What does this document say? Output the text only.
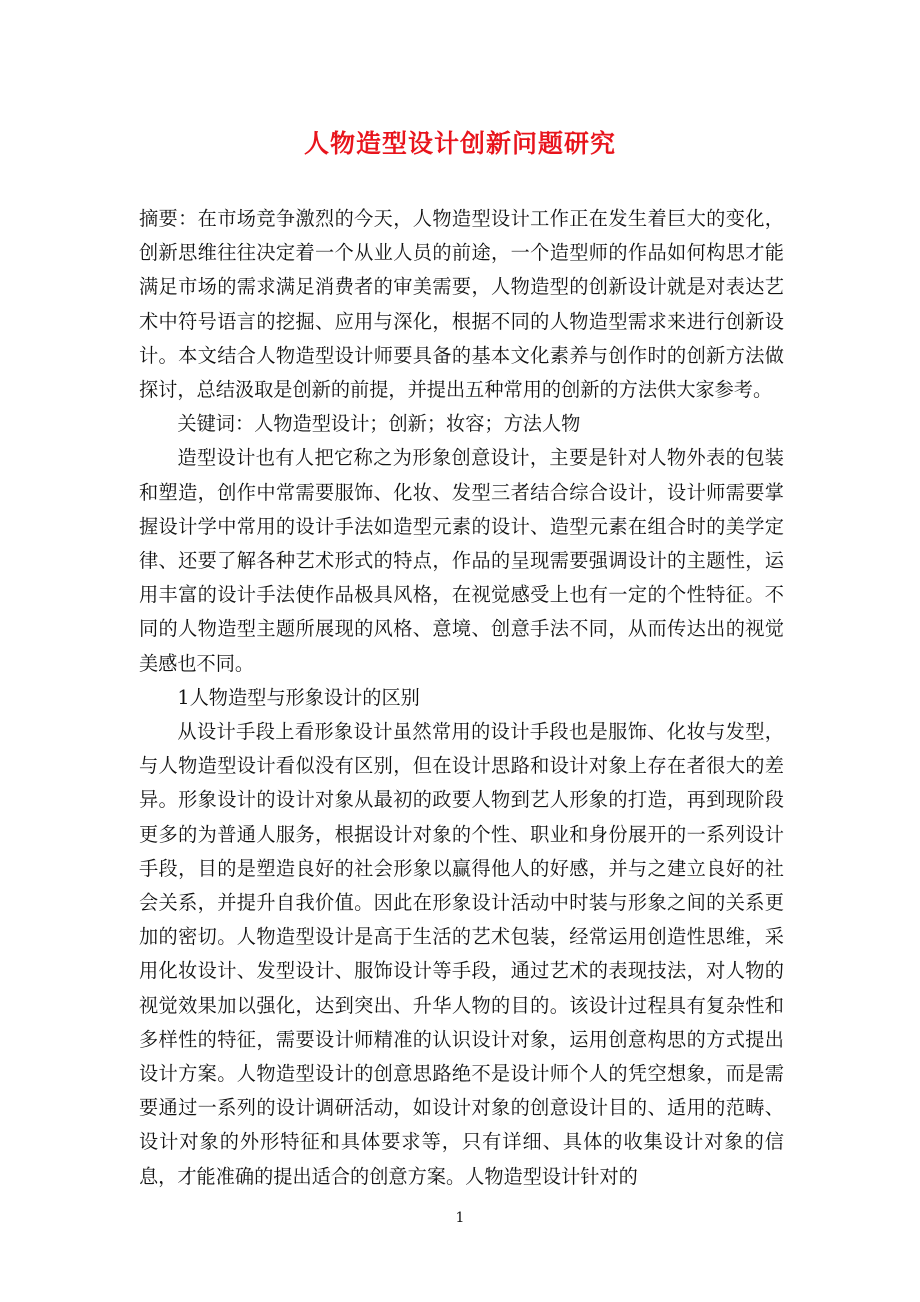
人物造型设计创新问题研究

摘要：在市场竞争激烈的今天，人物造型设计工作正在发生着巨大的变化，创新思维往往决定着一个从业人员的前途，一个造型师的作品如何构思才能满足市场的需求满足消费者的审美需要，人物造型的创新设计就是对表达艺术中符号语言的挖掘、应用与深化，根据不同的人物造型需求来进行创新设计。本文结合人物造型设计师要具备的基本文化素养与创作时的创新方法做探讨，总结汲取是创新的前提，并提出五种常用的创新的方法供大家参考。

关键词：人物造型设计；创新；妆容；方法人物

造型设计也有人把它称之为形象创意设计，主要是针对人物外表的包装和塑造，创作中常需要服饰、化妆、发型三者结合综合设计，设计师需要掌握设计学中常用的设计手法如造型元素的设计、造型元素在组合时的美学定律、还要了解各种艺术形式的特点，作品的呈现需要强调设计的主题性，运用丰富的设计手法使作品极具风格，在视觉感受上也有一定的个性特征。不同的人物造型主题所展现的风格、意境、创意手法不同，从而传达出的视觉美感也不同。

1人物造型与形象设计的区别

从设计手段上看形象设计虽然常用的设计手段也是服饰、化妆与发型，与人物造型设计看似没有区别，但在设计思路和设计对象上存在者很大的差异。形象设计的设计对象从最初的政要人物到艺人形象的打造，再到现阶段更多的为普通人服务，根据设计对象的个性、职业和身份展开的一系列设计手段，目的是塑造良好的社会形象以赢得他人的好感，并与之建立良好的社会关系，并提升自我价值。因此在形象设计活动中时装与形象之间的关系更加的密切。人物造型设计是高于生活的艺术包装，经常运用创造性思维，采用化妆设计、发型设计、服饰设计等手段，通过艺术的表现技法，对人物的视觉效果加以强化，达到突出、升华人物的目的。该设计过程具有复杂性和多样性的特征，需要设计师精准的认识设计对象，运用创意构思的方式提出设计方案。人物造型设计的创意思路绝不是设计师个人的凭空想象，而是需要通过一系列的设计调研活动，如设计对象的创意设计目的、适用的范畴、设计对象的外形特征和具体要求等，只有详细、具体的收集设计对象的信息，才能准确的提出适合的创意方案。人物造型设计针对的

1
